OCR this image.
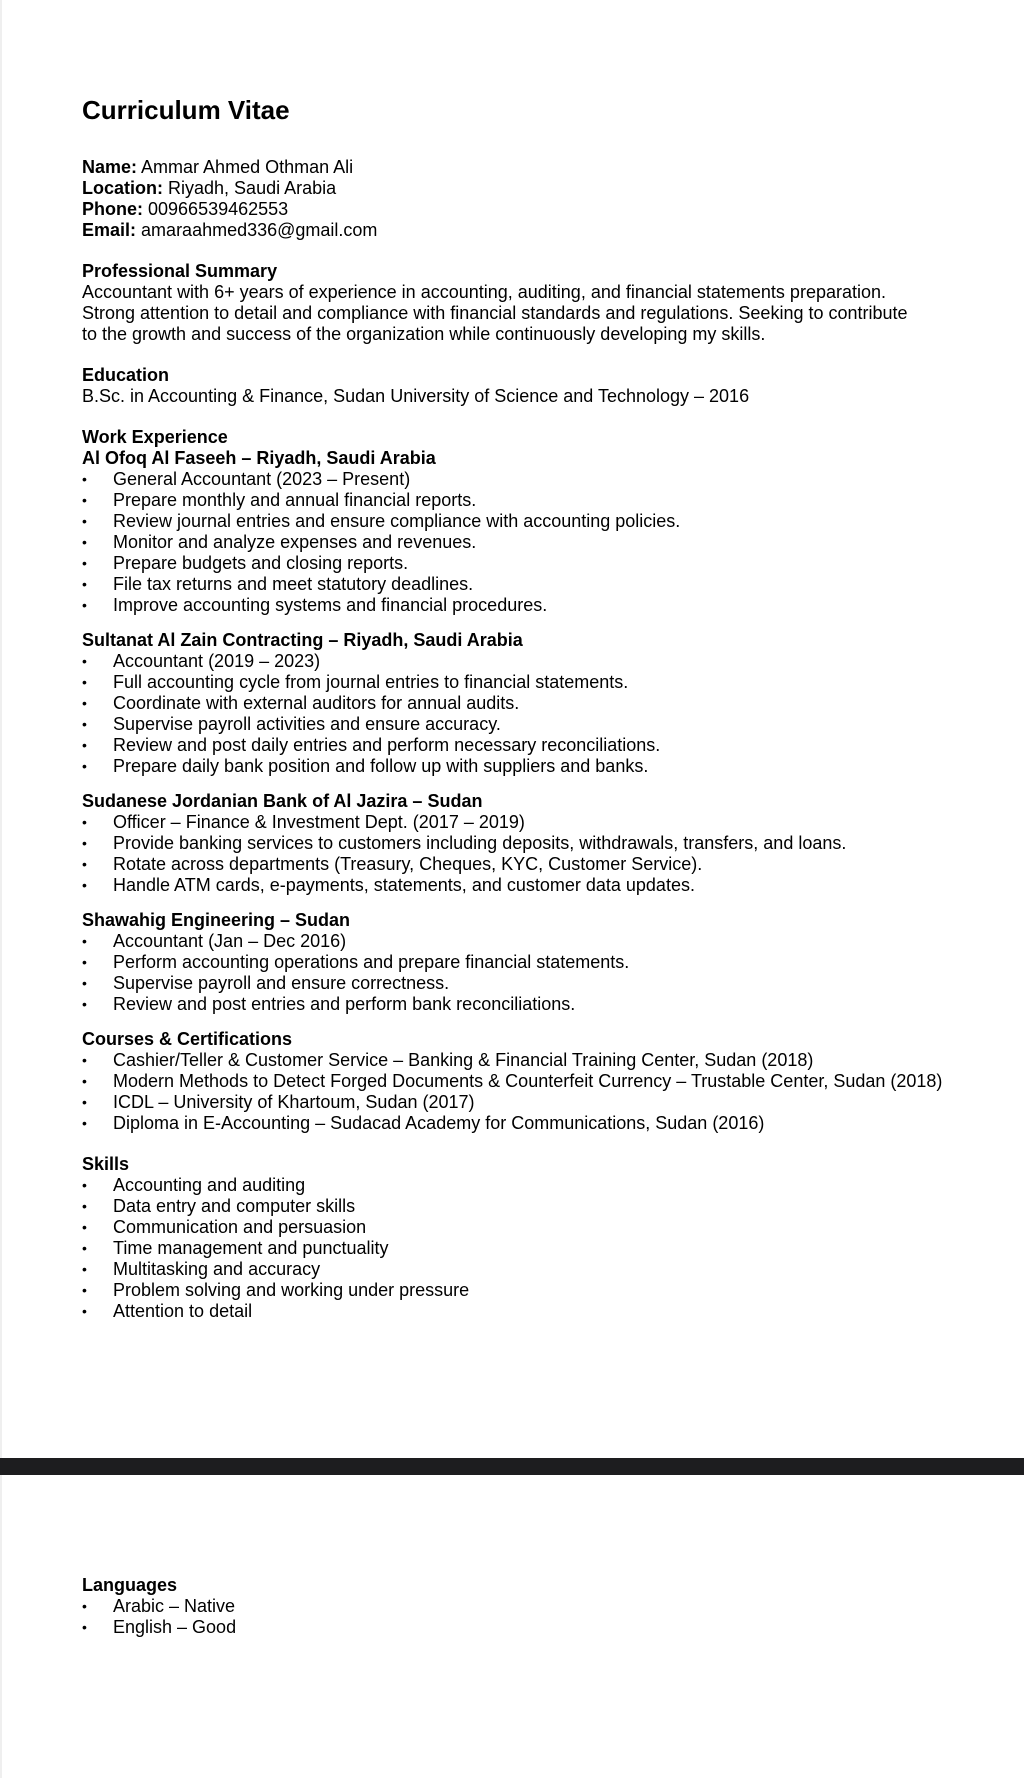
Curriculum Vitae

Name: Ammar Ahmed Othman Ali

Location: Riyadh, Saudi Arabia

Phone: 00966539462553

Email: amaraahmed336@gmail.com

Professional Summary

Accountant with 6+ years of experience in accounting, auditing, and financial statements preparation.

Strong attention to detail and compliance with financial standards and regulations. Seeking to contribute

to the growth and success of the organization while continuously developing my skills.

Education

B.Sc. in Accounting & Finance, Sudan University of Science and Technology – 2016

Work Experience

Al Ofoq Al Faseeh – Riyadh, Saudi Arabia

• General Accountant (2023 – Present)
• Prepare monthly and annual financial reports.
• Review journal entries and ensure compliance with accounting policies.
• Monitor and analyze expenses and revenues.
• Prepare budgets and closing reports.
• File tax returns and meet statutory deadlines.
• Improve accounting systems and financial procedures.

Sultanat Al Zain Contracting – Riyadh, Saudi Arabia

• Accountant (2019 – 2023)
• Full accounting cycle from journal entries to financial statements.
• Coordinate with external auditors for annual audits.
• Supervise payroll activities and ensure accuracy.
• Review and post daily entries and perform necessary reconciliations.
• Prepare daily bank position and follow up with suppliers and banks.

Sudanese Jordanian Bank of Al Jazira – Sudan

• Officer – Finance & Investment Dept. (2017 – 2019)
• Provide banking services to customers including deposits, withdrawals, transfers, and loans.
• Rotate across departments (Treasury, Cheques, KYC, Customer Service).
• Handle ATM cards, e-payments, statements, and customer data updates.

Shawahig Engineering – Sudan

• Accountant (Jan – Dec 2016)
• Perform accounting operations and prepare financial statements.
• Supervise payroll and ensure correctness.
• Review and post entries and perform bank reconciliations.

Courses & Certifications

• Cashier/Teller & Customer Service – Banking & Financial Training Center, Sudan (2018)
• Modern Methods to Detect Forged Documents & Counterfeit Currency – Trustable Center, Sudan (2018)
• ICDL – University of Khartoum, Sudan (2017)
• Diploma in E-Accounting – Sudacad Academy for Communications, Sudan (2016)

Skills

• Accounting and auditing
• Data entry and computer skills
• Communication and persuasion
• Time management and punctuality
• Multitasking and accuracy
• Problem solving and working under pressure
• Attention to detail

Languages

• Arabic – Native
• English – Good
